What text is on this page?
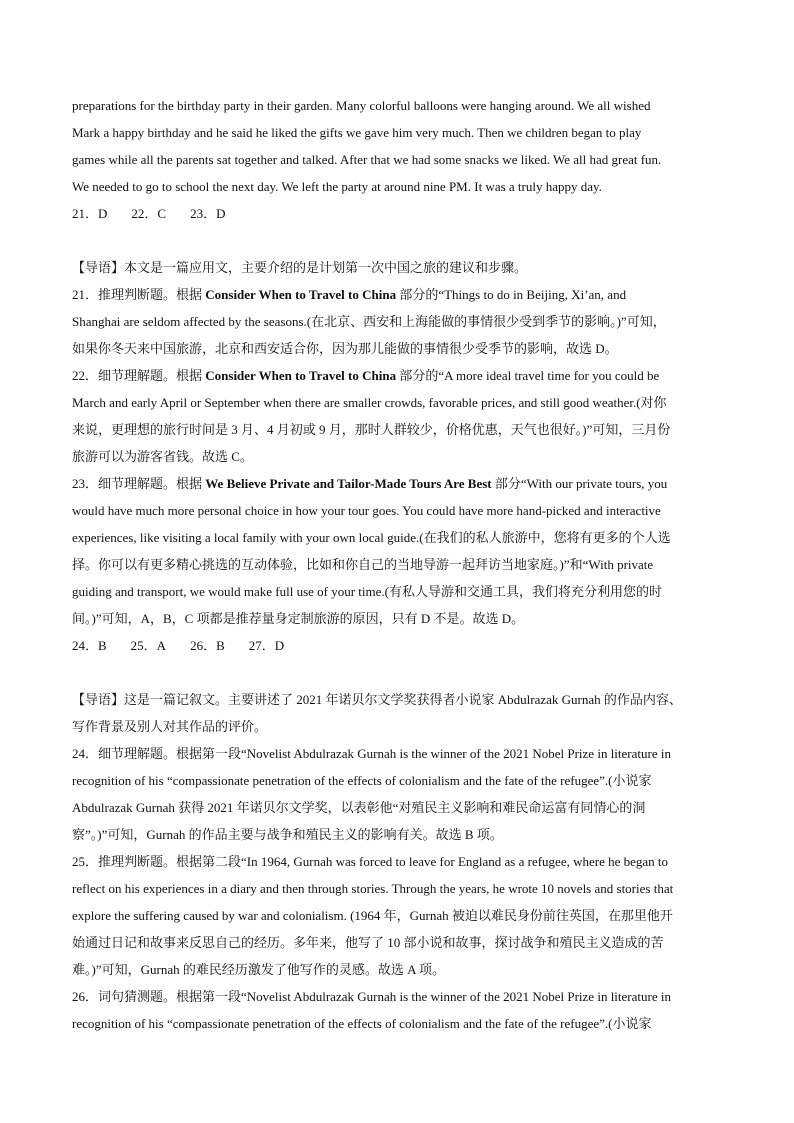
preparations for the birthday party in their garden. Many colorful balloons were hanging around. We all wished

Mark a happy birthday and he said he liked the gifts we gave him very much. Then we children began to play

games while all the parents sat together and talked. After that we had some snacks we liked. We all had great fun.

We needed to go to school the next day. We left the party at around nine PM. It was a truly happy day.

21．D 22．C 23．D

【导语】本文是一篇应用文，主要介绍的是计划第一次中国之旅的建议和步骤。

21．推理判断题。根据 Consider When to Travel to China 部分的“Things to do in Beijing, Xi’an, and

Shanghai are seldom affected by the seasons.(在北京、西安和上海能做的事情很少受到季节的影响。)”可知，

如果你冬天来中国旅游，北京和西安适合你，因为那儿能做的事情很少受季节的影响，故选 D。

22．细节理解题。根据 Consider When to Travel to China 部分的“A more ideal travel time for you could be

March and early April or September when there are smaller crowds, favorable prices, and still good weather.(对你

来说，更理想的旅行时间是 3 月、4 月初或 9 月，那时人群较少，价格优惠，天气也很好。)”可知，三月份

旅游可以为游客省钱。故选 C。

23．细节理解题。根据 We Believe Private and Tailor-Made Tours Are Best 部分“With our private tours, you

would have much more personal choice in how your tour goes. You could have more hand-picked and interactive

experiences, like visiting a local family with your own local guide.(在我们的私人旅游中，您将有更多的个人选

择。你可以有更多精心挑选的互动体验，比如和你自己的当地导游一起拜访当地家庭。)”和“With private

guiding and transport, we would make full use of your time.(有私人导游和交通工具，我们将充分利用您的时

间。)”可知，A，B，C 项都是推荐量身定制旅游的原因，只有 D 不是。故选 D。

24．B 25．A 26．B 27．D

【导语】这是一篇记叙文。主要讲述了 2021 年诺贝尔文学奖获得者小说家 Abdulrazak Gurnah 的作品内容、

写作背景及别人对其作品的评价。

24．细节理解题。根据第一段“Novelist Abdulrazak Gurnah is the winner of the 2021 Nobel Prize in literature in

recognition of his “compassionate penetration of the effects of colonialism and the fate of the refugee”.(小说家

Abdulrazak Gurnah 获得 2021 年诺贝尔文学奖，以表彰他“对殖民主义影响和难民命运富有同情心的洞

察”。)”可知，Gurnah 的作品主要与战争和殖民主义的影响有关。故选 B 项。

25．推理判断题。根据第二段“In 1964, Gurnah was forced to leave for England as a refugee, where he began to

reflect on his experiences in a diary and then through stories. Through the years, he wrote 10 novels and stories that

explore the suffering caused by war and colonialism. (1964 年，Gurnah 被迫以难民身份前往英国，在那里他开

始通过日记和故事来反思自己的经历。多年来，他写了 10 部小说和故事，探讨战争和殖民主义造成的苦

难。)”可知，Gurnah 的难民经历激发了他写作的灵感。故选 A 项。

26．词句猜测题。根据第一段“Novelist Abdulrazak Gurnah is the winner of the 2021 Nobel Prize in literature in

recognition of his “compassionate penetration of the effects of colonialism and the fate of the refugee”.(小说家
